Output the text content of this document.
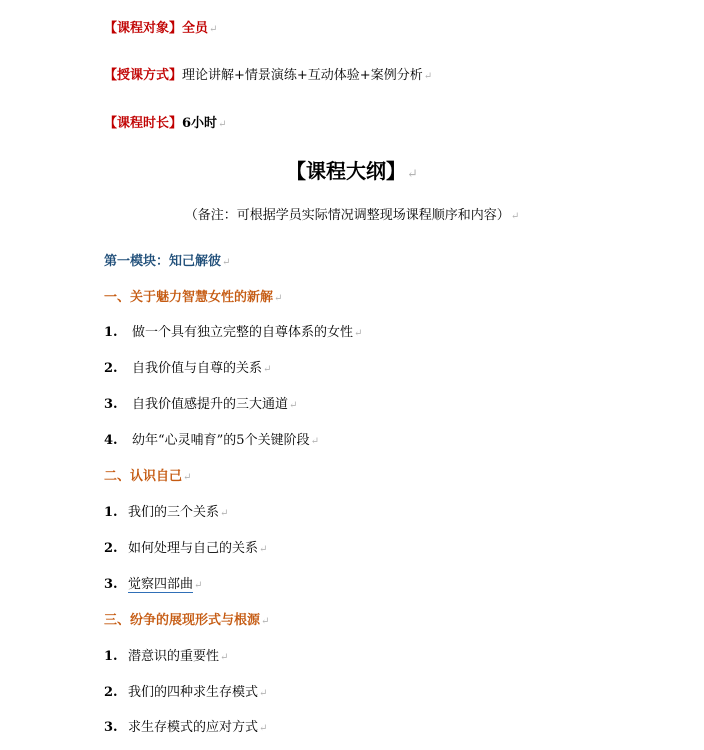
【课程对象】全员↵
【授课方式】理论讲解+情景演练+互动体验+案例分析↵
【课程时长】6小时↵
【课程大纲】↵
（备注：可根据学员实际情况调整现场课程顺序和内容）↵
第一模块：知己解彼↵
一、关于魅力智慧女性的新解↵
1. 做一个具有独立完整的自尊体系的女性↵
2. 自我价值与自尊的关系↵
3. 自我价值感提升的三大通道↵
4. 幼年“心灵哺育”的5个关键阶段↵
二、认识自己↵
1. 我们的三个关系↵
2. 如何处理与自己的关系↵
3. 觉察四部曲↵
三、纷争的展现形式与根源↵
1. 潜意识的重要性↵
2. 我们的四种求生存模式↵
3. 求生存模式的应对方式↵
